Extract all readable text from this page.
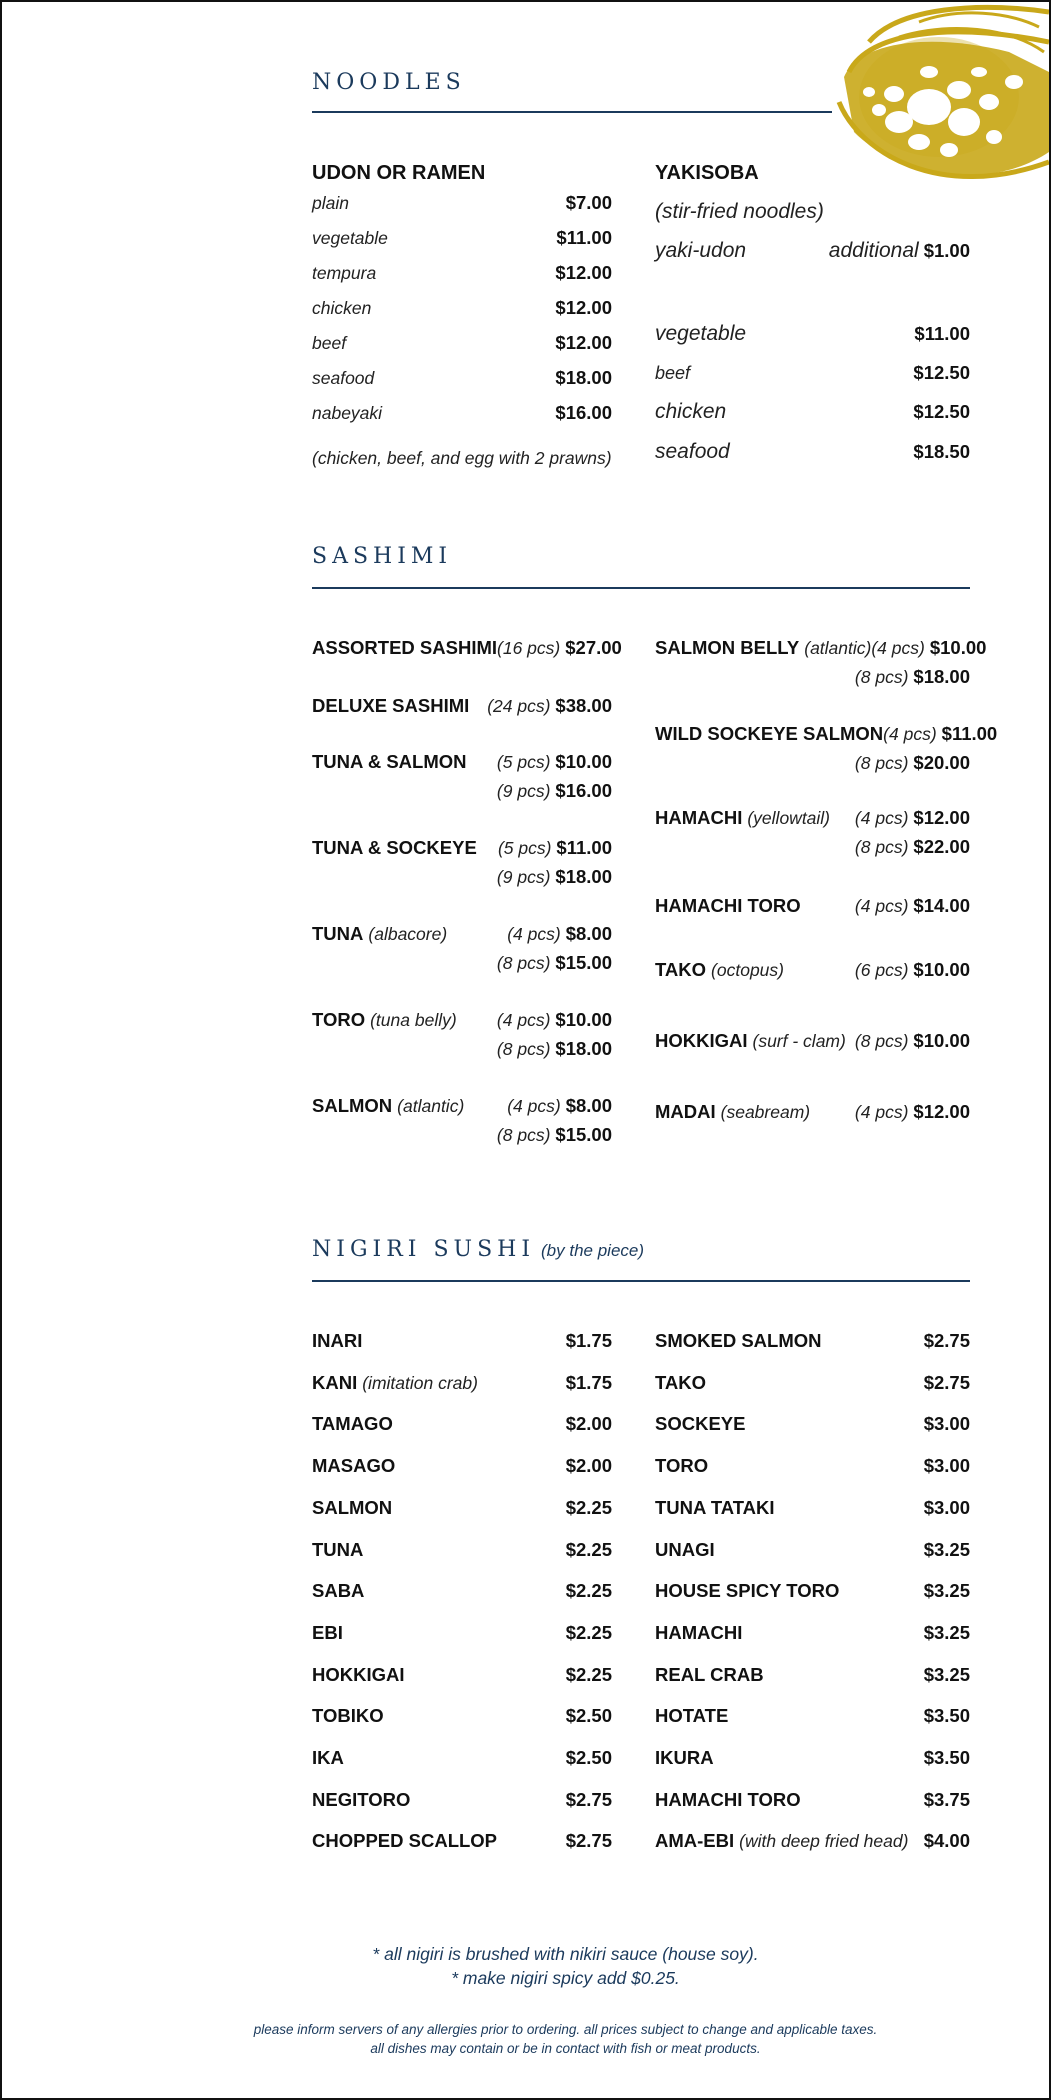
NOODLES
UDON OR RAMEN
plain	$7.00
vegetable	$11.00
tempura	$12.00
chicken	$12.00
beef	$12.00
seafood	$18.00
nabeyaki	$16.00
(chicken, beef, and egg with 2 prawns)
YAKISOBA
(stir-fried noodles)
yaki-udon	additional $1.00
vegetable	$11.00
beef	$12.50
chicken	$12.50
seafood	$18.50
SASHIMI
ASSORTED SASHIMI (16 pcs) $27.00
DELUXE SASHIMI (24 pcs) $38.00
TUNA & SALMON (5 pcs) $10.00
(9 pcs) $16.00
TUNA & SOCKEYE (5 pcs) $11.00
(9 pcs) $18.00
TUNA (albacore)	(4 pcs) $8.00
(8 pcs) $15.00
TORO (tuna belly) (4 pcs) $10.00
(8 pcs) $18.00
SALMON (atlantic) (4 pcs) $8.00
(8 pcs) $15.00
SALMON BELLY (atlantic) (4 pcs) $10.00
(8 pcs) $18.00
WILD SOCKEYE SALMON (4 pcs) $11.00
(8 pcs) $20.00
HAMACHI (yellowtail) (4 pcs) $12.00
(8 pcs) $22.00
HAMACHI TORO	(4 pcs) $14.00
TAKO (octopus)	(6 pcs) $10.00
HOKKIGAI (surf - clam) (8 pcs) $10.00
MADAI (seabream)	(4 pcs) $12.00
NIGIRI SUSHI (by the piece)
INARI	$1.75
KANI (imitation crab)	$1.75
TAMAGO	$2.00
MASAGO	$2.00
SALMON	$2.25
TUNA	$2.25
SABA	$2.25
EBI	$2.25
HOKKIGAI	$2.25
TOBIKO	$2.50
IKA	$2.50
NEGITORO	$2.75
CHOPPED SCALLOP	$2.75
SMOKED SALMON	$2.75
TAKO	$2.75
SOCKEYE	$3.00
TORO	$3.00
TUNA TATAKI	$3.00
UNAGI	$3.25
HOUSE SPICY TORO	$3.25
HAMACHI	$3.25
REAL CRAB	$3.25
HOTATE	$3.50
IKURA	$3.50
HAMACHI TORO	$3.75
AMA-EBI (with deep fried head) $4.00
* all nigiri is brushed with nikiri sauce (house soy).
* make nigiri spicy add $0.25.
please inform servers of any allergies prior to ordering. all prices subject to change and applicable taxes.
all dishes may contain or be in contact with fish or meat products.
